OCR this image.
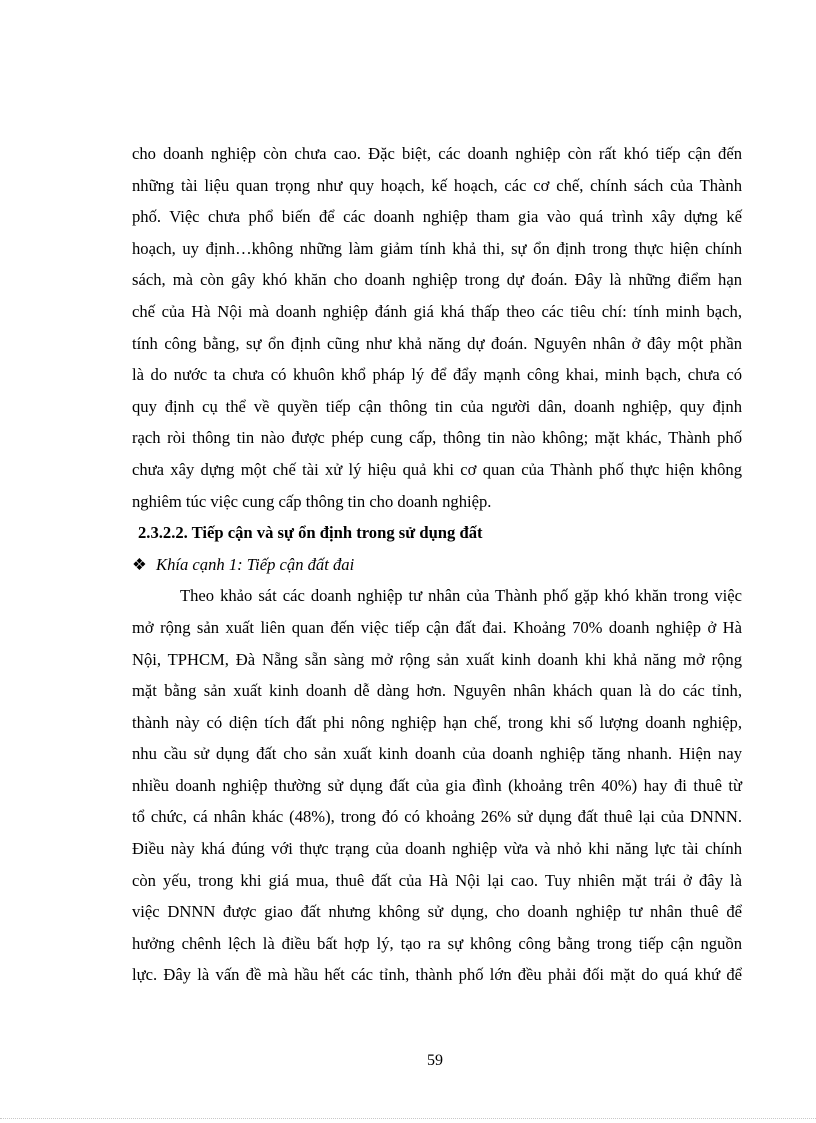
cho doanh nghiệp còn chưa cao. Đặc biệt, các doanh nghiệp còn rất khó tiếp cận đến
những tài liệu quan trọng như quy hoạch, kế hoạch, các cơ chế, chính sách của Thành
phố. Việc chưa phổ biến để các doanh nghiệp tham gia vào quá trình xây dựng kế
hoạch, uy định…không những làm giảm tính khả thi, sự ổn định trong thực hiện chính
sách, mà còn gây khó khăn cho doanh nghiệp trong dự đoán. Đây là những điểm hạn
chế của Hà Nội mà doanh nghiệp đánh giá khá thấp theo các tiêu chí: tính minh bạch,
tính công bằng, sự ổn định cũng như khả năng dự đoán. Nguyên nhân ở đây một phần
là do nước ta chưa có khuôn khổ pháp lý để đẩy mạnh công khai, minh bạch, chưa có
quy định cụ thể về quyền tiếp cận thông tin của người dân, doanh nghiệp, quy định
rạch ròi thông tin nào được phép cung cấp, thông tin nào không; mặt khác, Thành phố
chưa xây dựng một chế tài xử lý hiệu quả khi cơ quan của Thành phố thực hiện không
nghiêm túc việc cung cấp thông tin cho doanh nghiệp.
2.3.2.2. Tiếp cận và sự ổn định trong sử dụng đất
❖ Khía cạnh 1: Tiếp cận đất đai
Theo khảo sát các doanh nghiệp tư nhân của Thành phố gặp khó khăn trong việc
mở rộng sản xuất liên quan đến việc tiếp cận đất đai. Khoảng 70% doanh nghiệp ở Hà
Nội, TPHCM, Đà Nẵng sẵn sàng mở rộng sản xuất kinh doanh khi khả năng mở rộng
mặt bằng sản xuất kinh doanh dễ dàng hơn. Nguyên nhân khách quan là do các tỉnh,
thành này có diện tích đất phi nông nghiệp hạn chế, trong khi số lượng doanh nghiệp,
nhu cầu sử dụng đất cho sản xuất kinh doanh của doanh nghiệp tăng nhanh. Hiện nay
nhiều doanh nghiệp thường sử dụng đất của gia đình (khoảng trên 40%) hay đi thuê từ
tổ chức, cá nhân khác (48%), trong đó có khoảng 26% sử dụng đất thuê lại của DNNN.
Điều này khá đúng với thực trạng của doanh nghiệp vừa và nhỏ khi năng lực tài chính
còn yếu, trong khi giá mua, thuê đất của Hà Nội lại cao. Tuy nhiên mặt trái ở đây là
việc DNNN được giao đất nhưng không sử dụng, cho doanh nghiệp tư nhân thuê để
hưởng chênh lệch là điều bất hợp lý, tạo ra sự không công bằng trong tiếp cận nguồn
lực. Đây là vấn đề mà hầu hết các tỉnh, thành phố lớn đều phải đối mặt do quá khứ để
59
